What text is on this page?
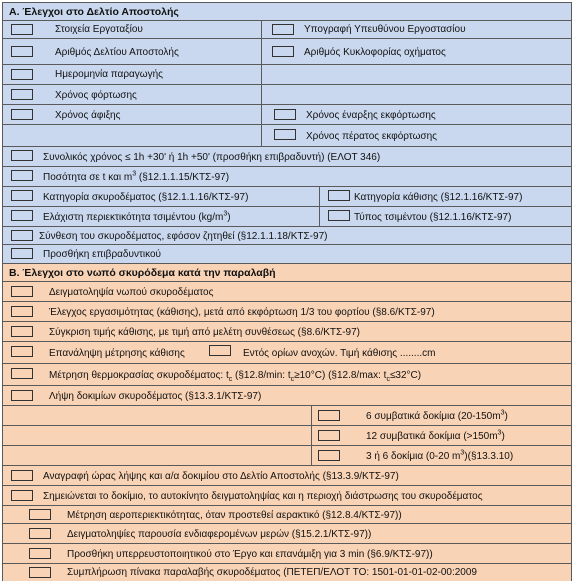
Α. Έλεγχοι στο Δελτίο Αποστολής
Στοιχεία Εργοταξίου	Υπογραφή Υπευθύνου Εργοστασίου
Αριθμός Δελτίου Αποστολής	Αριθμός Κυκλοφορίας οχήματος
Ημερομηνία παραγωγής
Χρόνος φόρτωσης
Χρόνος άφιξης	Χρόνος έναρξης εκφόρτωσης
Χρόνος πέρατος εκφόρτωσης
Συνολικός χρόνος ≤ 1h +30' ή 1h +50' (προσθήκη επιβραδυντή) (ΕΛΟΤ 346)
Ποσότητα σε t και $m^3$ (§12.1.1.15/ΚΤΣ-97)
Κατηγορία σκυροδέματος (§12.1.1.16/ΚΤΣ-97)	Κατηγορία κάθισης (§12.1.16/ΚΤΣ-97)
Ελάχιστη περιεκτικότητα τσιμέντου $(kg/m^3)$	Τύπος τσιμέντου (§12.1.16/ΚΤΣ-97)
Σύνθεση του σκυροδέματος, εφόσον ζητηθεί (§12.1.1.18/ΚΤΣ-97)
Προσθήκη επιβραδυντικού
Β. Έλεγχοι στο νωπό σκυρόδεμα κατά την παραλαβή
Δειγματοληψία νωπού σκυροδέματος
Έλεγχος εργασιμότητας (κάθισης), μετά από εκφόρτωση 1/3 του φορτίου (§8.6/ΚΤΣ-97)
Σύγκριση τιμής κάθισης, με τιμή από μελέτη συνθέσεως (§8.6/ΚΤΣ-97)
Επανάληψη μέτρησης κάθισης	Εντός ορίων ανοχών. Τιμή κάθισης ........cm
Μέτρηση θερμοκρασίας σκυροδέματος: $t_c$ (§12.8/min: $t_c\ge 10^\circ C$) (§12.8/max: $t_c\le 32^\circ C$)
Λήψη δοκιμίων σκυροδέματος (§13.3.1/ΚΤΣ-97)
6 συμβατικά δοκίμια $(20-150m^3)$
12 συμβατικά δοκίμια $(>150m^3)$
3 ή 6 δοκίμια (0-20 $m^3)(\S 13.3.10)$
Αναγραφή ώρας λήψης και α/α δοκιμίου στο Δελτίο Αποστολής (§13.3.9/ΚΤΣ-97)
Σημειώνεται το δοκίμιο, το αυτοκίνητο δειγματοληψίας και η περιοχή διάστρωσης του σκυροδέματος
Μέτρηση αεροπεριεκτικότητας, όταν προστεθεί αερακτικό (§12.8.4/ΚΤΣ-97))
Δειγματοληψίες παρουσία ενδιαφερομένων μερών (§15.2.1/ΚΤΣ-97))
Προσθήκη υπερρευστοποιητικού στο Έργο και επανάμιξη για 3 min (§6.9/ΚΤΣ-97))
Συμπλήρωση πίνακα παραλαβής σκυροδέματος (ΠΕΤΕΠ/ΕΛΟΤ ΤΟ: 1501-01-01-02-00:2009
